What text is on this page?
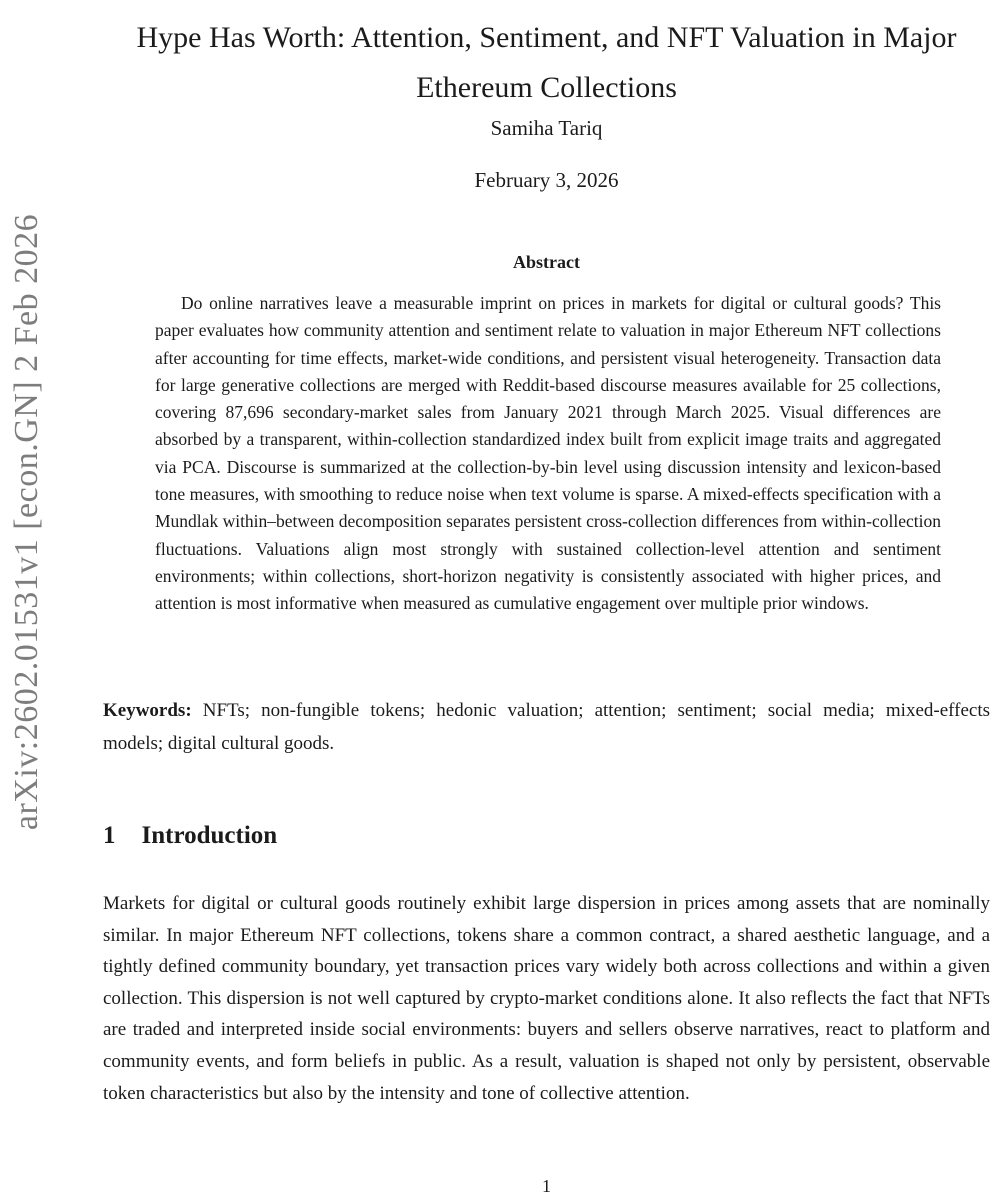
arXiv:2602.01531v1 [econ.GN] 2 Feb 2026
Hype Has Worth: Attention, Sentiment, and NFT Valuation in Major Ethereum Collections
Samiha Tariq
February 3, 2026
Abstract
Do online narratives leave a measurable imprint on prices in markets for digital or cultural goods? This paper evaluates how community attention and sentiment relate to valuation in major Ethereum NFT collections after accounting for time effects, market-wide conditions, and persistent visual heterogeneity. Transaction data for large generative collections are merged with Reddit-based discourse measures available for 25 collections, covering 87,696 secondary-market sales from January 2021 through March 2025. Visual differences are absorbed by a transparent, within-collection standardized index built from explicit image traits and aggregated via PCA. Discourse is summarized at the collection-by-bin level using discussion intensity and lexicon-based tone measures, with smoothing to reduce noise when text volume is sparse. A mixed-effects specification with a Mundlak within–between decomposition separates persistent cross-collection differences from within-collection fluctuations. Valuations align most strongly with sustained collection-level attention and sentiment environments; within collections, short-horizon negativity is consistently associated with higher prices, and attention is most informative when measured as cumulative engagement over multiple prior windows.
Keywords: NFTs; non-fungible tokens; hedonic valuation; attention; sentiment; social media; mixed-effects models; digital cultural goods.
1 Introduction
Markets for digital or cultural goods routinely exhibit large dispersion in prices among assets that are nominally similar. In major Ethereum NFT collections, tokens share a common contract, a shared aesthetic language, and a tightly defined community boundary, yet transaction prices vary widely both across collections and within a given collection. This dispersion is not well captured by crypto-market conditions alone. It also reflects the fact that NFTs are traded and interpreted inside social environments: buyers and sellers observe narratives, react to platform and community events, and form beliefs in public. As a result, valuation is shaped not only by persistent, observable token characteristics but also by the intensity and tone of collective attention.
1
